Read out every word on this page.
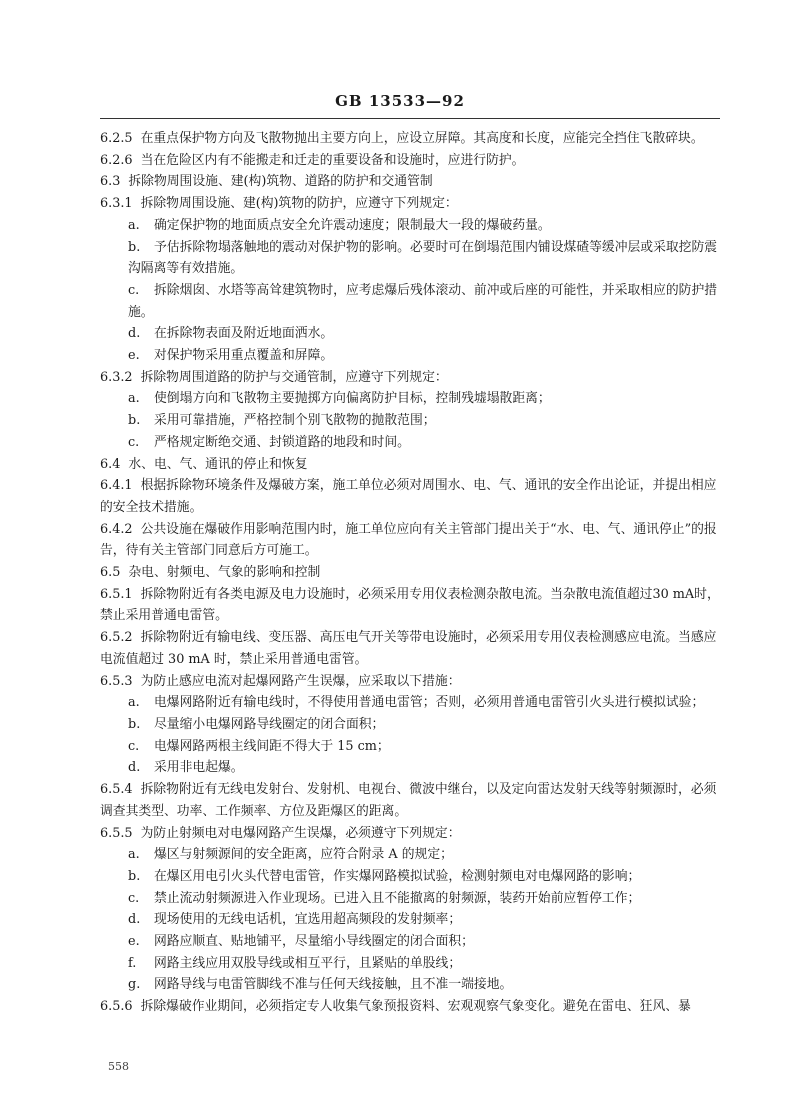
GB 13533—92
6.2.5 在重点保护物方向及飞散物抛出主要方向上，应设立屏障。其高度和长度，应能完全挡住飞散碎块。
6.2.6 当在危险区内有不能搬走和迁走的重要设备和设施时，应进行防护。
6.3 拆除物周围设施、建(构)筑物、道路的防护和交通管制
6.3.1 拆除物周围设施、建(构)筑物的防护，应遵守下列规定：
a. 确定保护物的地面质点安全允许震动速度；限制最大一段的爆破药量。
b. 予估拆除物塌落触地的震动对保护物的影响。必要时可在倒塌范围内铺设煤碴等缓冲层或采取挖防震沟隔离等有效措施。
c. 拆除烟囱、水塔等高耸建筑物时，应考虑爆后残体滚动、前冲或后座的可能性，并采取相应的防护措施。
d. 在拆除物表面及附近地面洒水。
e. 对保护物采用重点覆盖和屏障。
6.3.2 拆除物周围道路的防护与交通管制，应遵守下列规定：
a. 使倒塌方向和飞散物主要抛掷方向偏离防护目标，控制残墟塌散距离；
b. 采用可靠措施，严格控制个别飞散物的抛散范围；
c. 严格规定断绝交通、封锁道路的地段和时间。
6.4 水、电、气、通讯的停止和恢复
6.4.1 根据拆除物环境条件及爆破方案，施工单位必须对周围水、电、气、通讯的安全作出论证，并提出相应的安全技术措施。
6.4.2 公共设施在爆破作用影响范围内时，施工单位应向有关主管部门提出关于“水、电、气、通讯停止”的报告，待有关主管部门同意后方可施工。
6.5 杂电、射频电、气象的影响和控制
6.5.1 拆除物附近有各类电源及电力设施时，必须采用专用仪表检测杂散电流。当杂散电流值超过30 mA时，禁止采用普通电雷管。
6.5.2 拆除物附近有输电线、变压器、高压电气开关等带电设施时，必须采用专用仪表检测感应电流。当感应电流值超过 30 mA 时，禁止采用普通电雷管。
6.5.3 为防止感应电流对起爆网路产生误爆，应采取以下措施：
a. 电爆网路附近有输电线时，不得使用普通电雷管；否则，必须用普通电雷管引火头进行模拟试验；
b. 尽量缩小电爆网路导线圈定的闭合面积；
c. 电爆网路两根主线间距不得大于 15 cm；
d. 采用非电起爆。
6.5.4 拆除物附近有无线电发射台、发射机、电视台、微波中继台，以及定向雷达发射天线等射频源时，必须调查其类型、功率、工作频率、方位及距爆区的距离。
6.5.5 为防止射频电对电爆网路产生误爆，必须遵守下列规定：
a. 爆区与射频源间的安全距离，应符合附录 A 的规定；
b. 在爆区用电引火头代替电雷管，作实爆网路模拟试验，检测射频电对电爆网路的影响；
c. 禁止流动射频源进入作业现场。已进入且不能撤离的射频源，装药开始前应暂停工作；
d. 现场使用的无线电话机，宜选用超高频段的发射频率；
e. 网路应顺直、贴地铺平，尽量缩小导线圈定的闭合面积；
f. 网路主线应用双股导线或相互平行，且紧贴的单股线；
g. 网路导线与电雷管脚线不准与任何天线接触，且不准一端接地。
6.5.6 拆除爆破作业期间，必须指定专人收集气象预报资料、宏观观察气象变化。避免在雷电、狂风、暴
558
